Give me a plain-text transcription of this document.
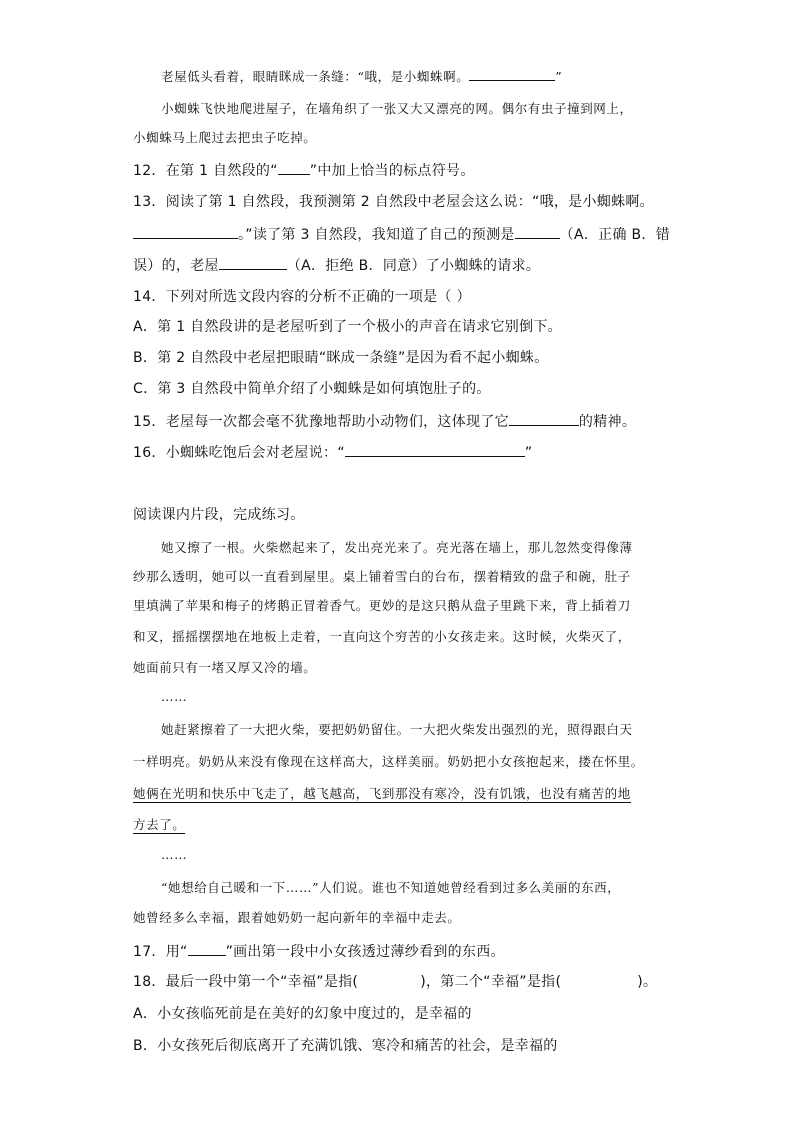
老屋低头看着，眼睛眯成一条缝：“哦，是小蜘蛛啊。	”
小蜘蛛飞快地爬进屋子，在墙角织了一张又大又漂亮的网。偶尔有虫子撞到网上，
小蜘蛛马上爬过去把虫子吃掉。
12．在第 1 自然段的“ ”中加上恰当的标点符号。
13．阅读了第 1 自然段，我预测第 2 自然段中老屋会这么说：“哦，是小蜘蛛啊。
。”读了第 3 自然段，我知道了自己的预测是	（A．正确 B．错
误）的，老屋	（A．拒绝 B．同意）了小蜘蛛的请求。
14．下列对所选文段内容的分析不正确的一项是（ ）
A．第 1 自然段讲的是老屋听到了一个极小的声音在请求它别倒下。
B．第 2 自然段中老屋把眼睛“眯成一条缝”是因为看不起小蜘蛛。
C．第 3 自然段中简单介绍了小蜘蛛是如何填饱肚子的。
15．老屋每一次都会毫不犹豫地帮助小动物们，这体现了它	的精神。
16．小蜘蛛吃饱后会对老屋说：“	”
阅读课内片段，完成练习。
她又擦了一根。火柴燃起来了，发出亮光来了。亮光落在墙上，那儿忽然变得像薄
纱那么透明，她可以一直看到屋里。桌上铺着雪白的台布，摆着精致的盘子和碗，肚子
里填满了苹果和梅子的烤鹅正冒着香气。更妙的是这只鹅从盘子里跳下来，背上插着刀
和叉，摇摇摆摆地在地板上走着，一直向这个穷苦的小女孩走来。这时候，火柴灭了，
她面前只有一堵又厚又冷的墙。
……
她赶紧擦着了一大把火柴，要把奶奶留住。一大把火柴发出强烈的光，照得跟白天
一样明亮。奶奶从来没有像现在这样高大，这样美丽。奶奶把小女孩抱起来，搂在怀里。
她俩在光明和快乐中飞走了，越飞越高，飞到那没有寒冷，没有饥饿，也没有痛苦的地
方去了。
……
“她想给自己暖和一下……”人们说。谁也不知道她曾经看到过多么美丽的东西，
她曾经多么幸福，跟着她奶奶一起向新年的幸福中走去。
17．用“	”画出第一段中小女孩透过薄纱看到的东西。
18．最后一段中第一个“幸福”是指(	)，第二个“幸福”是指(	)。
A．小女孩临死前是在美好的幻象中度过的，是幸福的
B．小女孩死后彻底离开了充满饥饿、寒冷和痛苦的社会，是幸福的
